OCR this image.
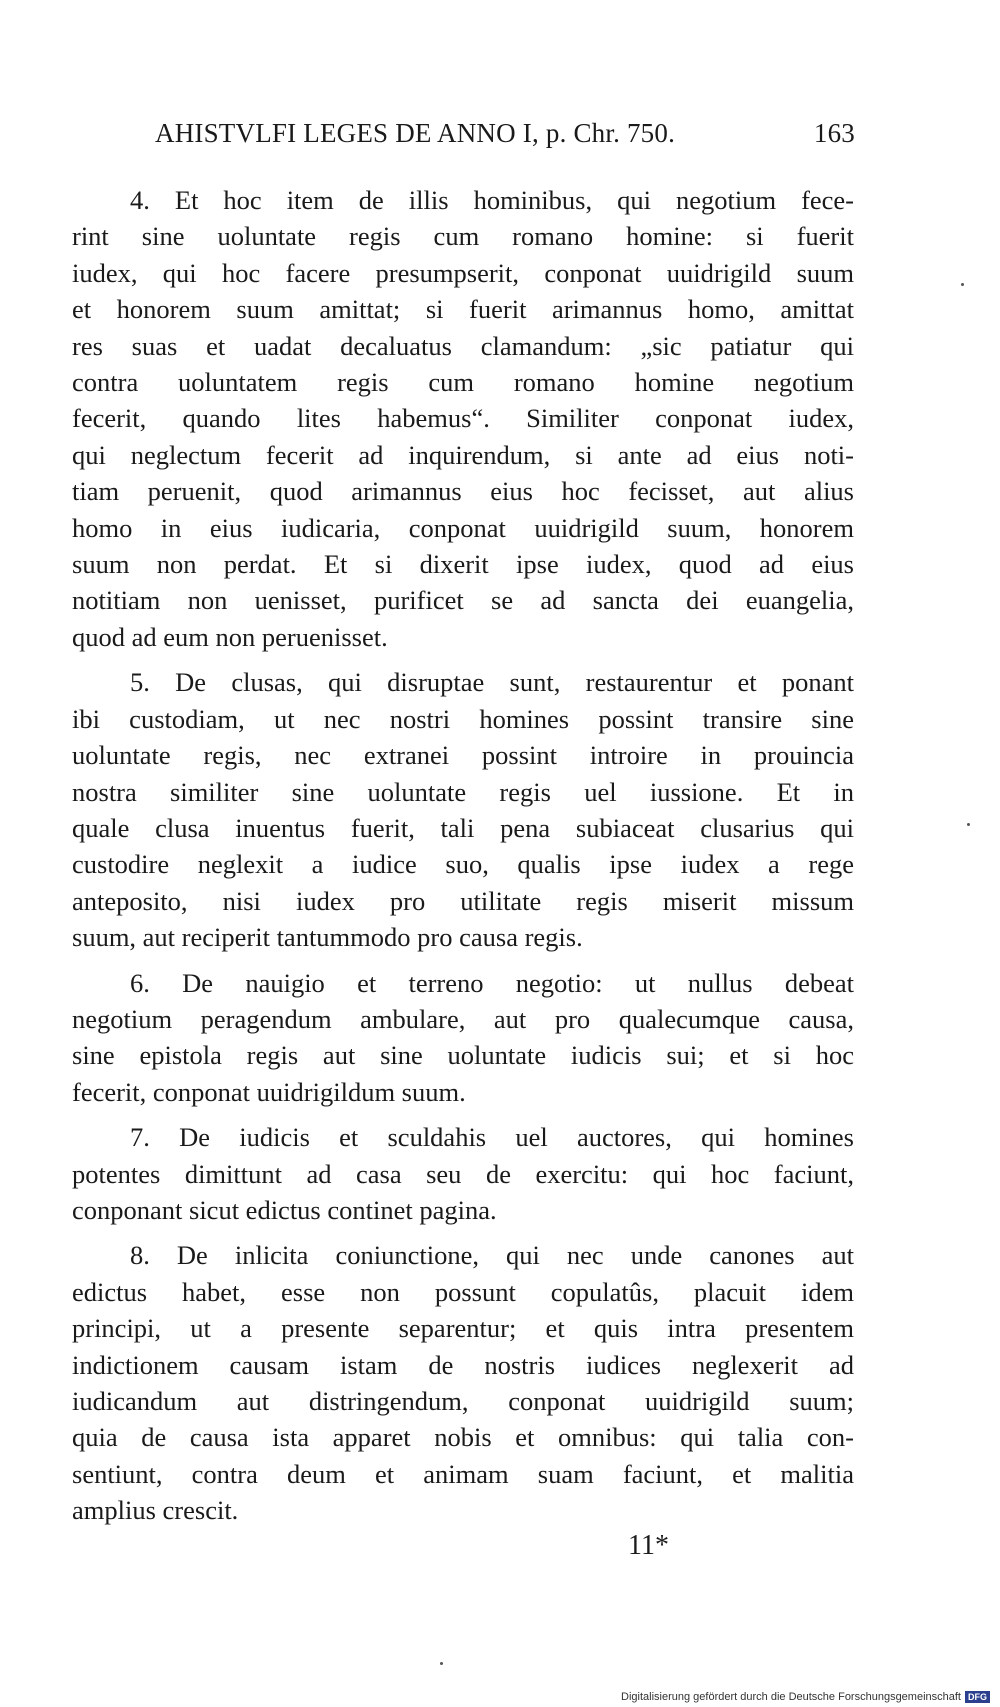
AHISTVLFI LEGES DE ANNO I, p. Chr. 750.	163
4. Et hoc item de illis hominibus, qui negotium fece-
rint sine uoluntate regis cum romano homine: si fuerit
iudex, qui hoc facere presumpserit, conponat uuidrigild suum
et honorem suum amittat; si fuerit arimannus homo, amittat
res suas et uadat decaluatus clamandum: „sic patiatur qui
contra uoluntatem regis cum romano homine negotium
fecerit, quando lites habemus“. Similiter conponat iudex,
qui neglectum fecerit ad inquirendum, si ante ad eius noti-
tiam peruenit, quod arimannus eius hoc fecisset, aut alius
homo in eius iudicaria, conponat uuidrigild suum, honorem
suum non perdat. Et si dixerit ipse iudex, quod ad eius
notitiam non uenisset, purificet se ad sancta dei euangelia,
quod ad eum non peruenisset.
5. De clusas, qui disruptae sunt, restaurentur et ponant
ibi custodiam, ut nec nostri homines possint transire sine
uoluntate regis, nec extranei possint introire in prouincia
nostra similiter sine uoluntate regis uel iussione. Et in
quale clusa inuentus fuerit, tali pena subiaceat clusarius qui
custodire neglexit a iudice suo, qualis ipse iudex a rege
anteposito, nisi iudex pro utilitate regis miserit missum
suum, aut reciperit tantummodo pro causa regis.
6. De nauigio et terreno negotio: ut nullus debeat
negotium peragendum ambulare, aut pro qualecumque causa,
sine epistola regis aut sine uoluntate iudicis sui; et si hoc
fecerit, conponat uuidrigildum suum.
7. De iudicis et sculdahis uel auctores, qui homines
potentes dimittunt ad casa seu de exercitu: qui hoc faciunt,
conponant sicut edictus continet pagina.
8. De inlicita coniunctione, qui nec unde canones aut
edictus habet, esse non possunt copulatûs, placuit idem
principi, ut a presente separentur; et quis intra presentem
indictionem causam istam de nostris iudices neglexerit ad
iudicandum aut distringendum, conponat uuidrigild suum;
quia de causa ista apparet nobis et omnibus: qui talia con-
sentiunt, contra deum et animam suam faciunt, et malitia
amplius crescit.
11*
Digitalisierung gefördert durch die Deutsche Forschungsgemeinschaft DFG
